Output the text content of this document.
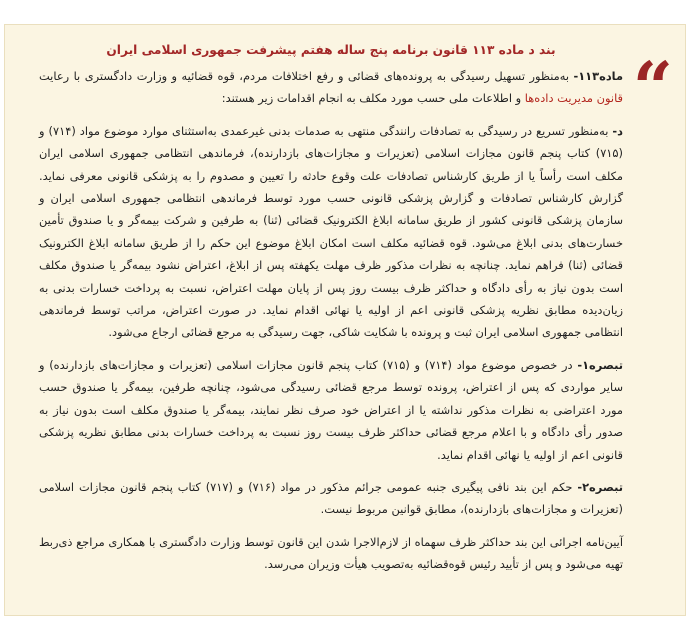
“
بند د ماده ۱۱۳ قانون برنامه پنج ساله هفتم پیشرفت جمهوری اسلامی ایران

ماده۱۱۳- به‌منظور تسهیل رسیدگی به پرونده‌های قضائی و رفع اختلافات مردم، قوه قضائیه و وزارت دادگستری با رعایت قانون مدیریت داده‌ها و اطلاعات ملی حسب مورد مکلف به انجام اقدامات زیر هستند:

د- به‌منظور تسریع در رسیدگی به تصادفات رانندگی منتهی به صدمات بدنی غیرعمدی به‌استثنای موارد موضوع مواد (۷۱۴) و (۷۱۵) کتاب پنجم قانون مجازات اسلامی (تعزیرات و مجازات‌های بازدارنده)، فرماندهی انتظامی جمهوری اسلامی ایران مکلف است رأساً یا از طریق کارشناس تصادفات علت وقوع حادثه را تعیین و مصدوم را به پزشکی قانونی معرفی نماید. گزارش کارشناس تصادفات و گزارش پزشکی قانونی حسب مورد توسط فرماندهی انتظامی جمهوری اسلامی ایران و سازمان پزشکی قانونی کشور از طریق سامانه ابلاغ الکترونیک قضائی (ثنا) به طرفین و شرکت بیمه‌گر و یا صندوق تأمین خسارت‌های بدنی ابلاغ می‌شود. قوه قضائیه مکلف است امکان ابلاغ موضوع این حکم را از طریق سامانه ابلاغ الکترونیک قضائی (ثنا) فراهم نماید. چنانچه به نظرات مذکور ظرف مهلت یکهفته پس از ابلاغ، اعتراض نشود بیمه‌گر یا صندوق مکلف است بدون نیاز به رأی دادگاه و حداکثر ظرف بیست روز پس از پایان مهلت اعتراض، نسبت به پرداخت خسارات بدنی به زیان‌دیده مطابق نظریه پزشکی قانونی اعم از اولیه یا نهائی اقدام نماید. در صورت اعتراض، مراتب توسط فرماندهی انتظامی جمهوری اسلامی ایران ثبت و پرونده با شکایت شاکی، جهت رسیدگی به مرجع قضائی ارجاع می‌شود.

تبصره۱- در خصوص موضوع مواد (۷۱۴) و (۷۱۵) کتاب پنجم قانون مجازات اسلامی (تعزیرات و مجازات‌های بازدارنده) و سایر مواردی که پس از اعتراض، پرونده توسط مرجع قضائی رسیدگی می‌شود، چنانچه طرفین، بیمه‌گر یا صندوق حسب مورد اعتراضی به نظرات مذکور نداشته یا از اعتراض خود صرف نظر نمایند، بیمه‌گر یا صندوق مکلف است بدون نیاز به صدور رأی دادگاه و با اعلام مرجع قضائی حداکثر ظرف بیست روز نسبت به پرداخت خسارات بدنی مطابق نظریه پزشکی قانونی اعم از اولیه یا نهائی اقدام نماید.

تبصره۲- حکم این بند نافی پیگیری جنبه عمومی جرائم مذکور در مواد (۷۱۶) و (۷۱۷) کتاب پنجم قانون مجازات اسلامی (تعزیرات و مجازات‌های بازدارنده)، مطابق قوانین مربوط نیست.

آیین‌نامه اجرائی این بند حداکثر ظرف سهماه از لازم‌الاجرا شدن این قانون توسط وزارت دادگستری با همکاری مراجع ذی‌ربط تهیه می‌شود و پس از تأیید رئیس قوه‌قضائیه به‌تصویب هیأت وزیران می‌رسد.
